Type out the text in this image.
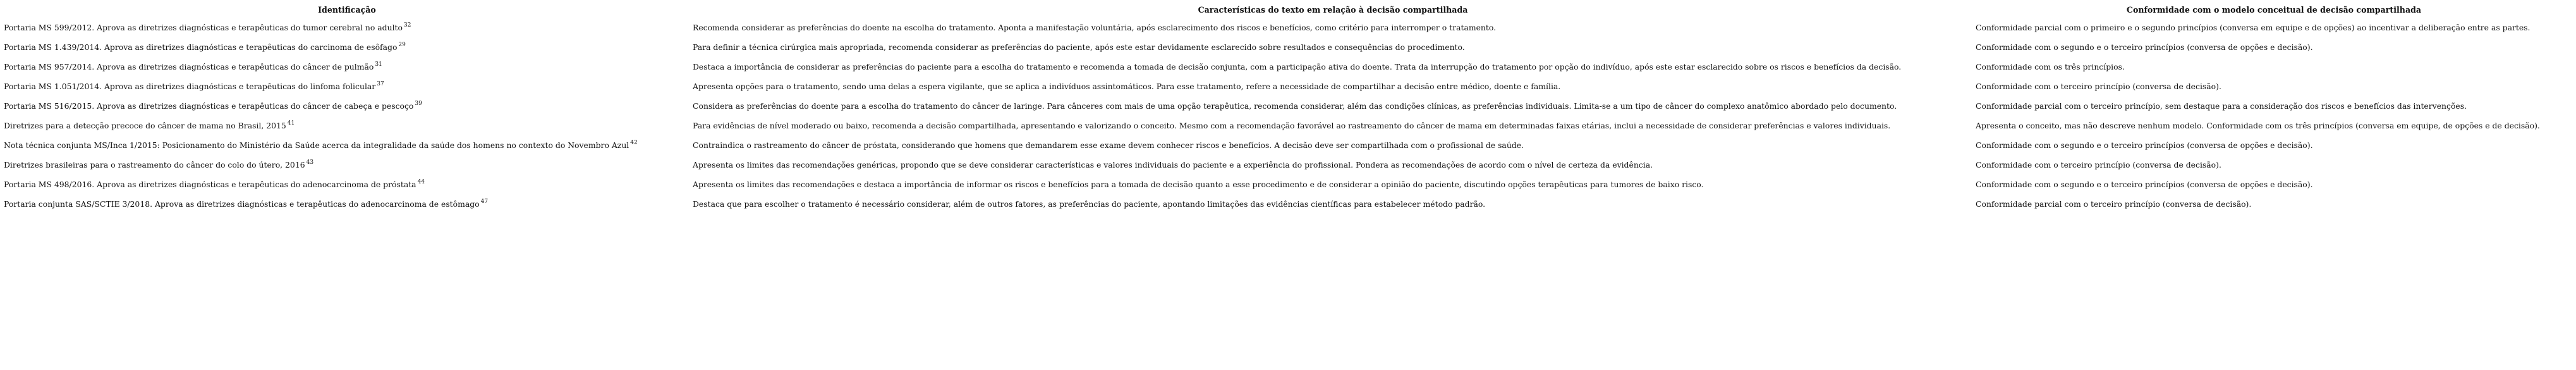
Identificação	Características do texto em relação à decisão compartilhada	Conformidade com o modelo conceitual de decisão compartilhada
Portaria MS 599/2012. Aprova as diretrizes diagnósticas e terapêuticas do tumor cerebral no adulto $^{32}$	Recomenda considerar as preferências do doente na escolha do tratamento. Aponta a manifestação voluntária, após esclarecimento dos riscos e benefícios, como critério para interromper o tratamento.	Conformidade parcial com o primeiro e o segundo princípios (conversa em equipe e de opções) ao incentivar a deliberação entre as partes.
Portaria MS 1.439/2014. Aprova as diretrizes diagnósticas e terapêuticas do carcinoma de esôfago $^{29}$	Para definir a técnica cirúrgica mais apropriada, recomenda considerar as preferências do paciente, após este estar devidamente esclarecido sobre resultados e consequências do procedimento.	Conformidade com o segundo e o terceiro princípios (conversa de opções e decisão).
Portaria MS 957/2014. Aprova as diretrizes diagnósticas e terapêuticas do câncer de pulmão $^{31}$	Destaca a importância de considerar as preferências do paciente para a escolha do tratamento e recomenda a tomada de decisão conjunta, com a participação ativa do doente. Trata da interrupção do tratamento por opção do indivíduo, após este estar esclarecido sobre os riscos e benefícios da decisão.	Conformidade com os três princípios.
Portaria MS 1.051/2014. Aprova as diretrizes diagnósticas e terapêuticas do linfoma folicular $^{37}$	Apresenta opções para o tratamento, sendo uma delas a espera vigilante, que se aplica a indivíduos assintomáticos. Para esse tratamento, refere a necessidade de compartilhar a decisão entre médico, doente e família.	Conformidade com o terceiro princípio (conversa de decisão).
Portaria MS 516/2015. Aprova as diretrizes diagnósticas e terapêuticas do câncer de cabeça e pescoço $^{39}$	Considera as preferências do doente para a escolha do tratamento do câncer de laringe. Para cânceres com mais de uma opção terapêutica, recomenda considerar, além das condições clínicas, as preferências individuais. Limita-se a um tipo de câncer do complexo anatômico abordado pelo documento.	Conformidade parcial com o terceiro princípio, sem destaque para a consideração dos riscos e benefícios das intervenções.
Diretrizes para a detecção precoce do câncer de mama no Brasil, 2015 $^{41}$	Para evidências de nível moderado ou baixo, recomenda a decisão compartilhada, apresentando e valorizando o conceito. Mesmo com a recomendação favorável ao rastreamento do câncer de mama em determinadas faixas etárias, inclui a necessidade de considerar preferências e valores individuais.	Apresenta o conceito, mas não descreve nenhum modelo. Conformidade com os três princípios (conversa em equipe, de opções e de decisão).
Nota técnica conjunta MS/Inca 1/2015: Posicionamento do Ministério da Saúde acerca da integralidade da saúde dos homens no contexto do Novembro Azul $^{42}$	Contraindica o rastreamento do câncer de próstata, considerando que homens que demandarem esse exame devem conhecer riscos e benefícios. A decisão deve ser compartilhada com o profissional de saúde.	Conformidade com o segundo e o terceiro princípios (conversa de opções e decisão).
Diretrizes brasileiras para o rastreamento do câncer do colo do útero, 2016 $^{43}$	Apresenta os limites das recomendações genéricas, propondo que se deve considerar características e valores individuais do paciente e a experiência do profissional. Pondera as recomendações de acordo com o nível de certeza da evidência.	Conformidade com o terceiro princípio (conversa de decisão).
Portaria MS 498/2016. Aprova as diretrizes diagnósticas e terapêuticas do adenocarcinoma de próstata $^{44}$	Apresenta os limites das recomendações e destaca a importância de informar os riscos e benefícios para a tomada de decisão quanto a esse procedimento e de considerar a opinião do paciente, discutindo opções terapêuticas para tumores de baixo risco.	Conformidade com o segundo e o terceiro princípios (conversa de opções e decisão).
Portaria conjunta SAS/SCTIE 3/2018. Aprova as diretrizes diagnósticas e terapêuticas do adenocarcinoma de estômago $^{47}$	Destaca que para escolher o tratamento é necessário considerar, além de outros fatores, as preferências do paciente, apontando limitações das evidências científicas para estabelecer método padrão.	Conformidade parcial com o terceiro princípio (conversa de decisão).
